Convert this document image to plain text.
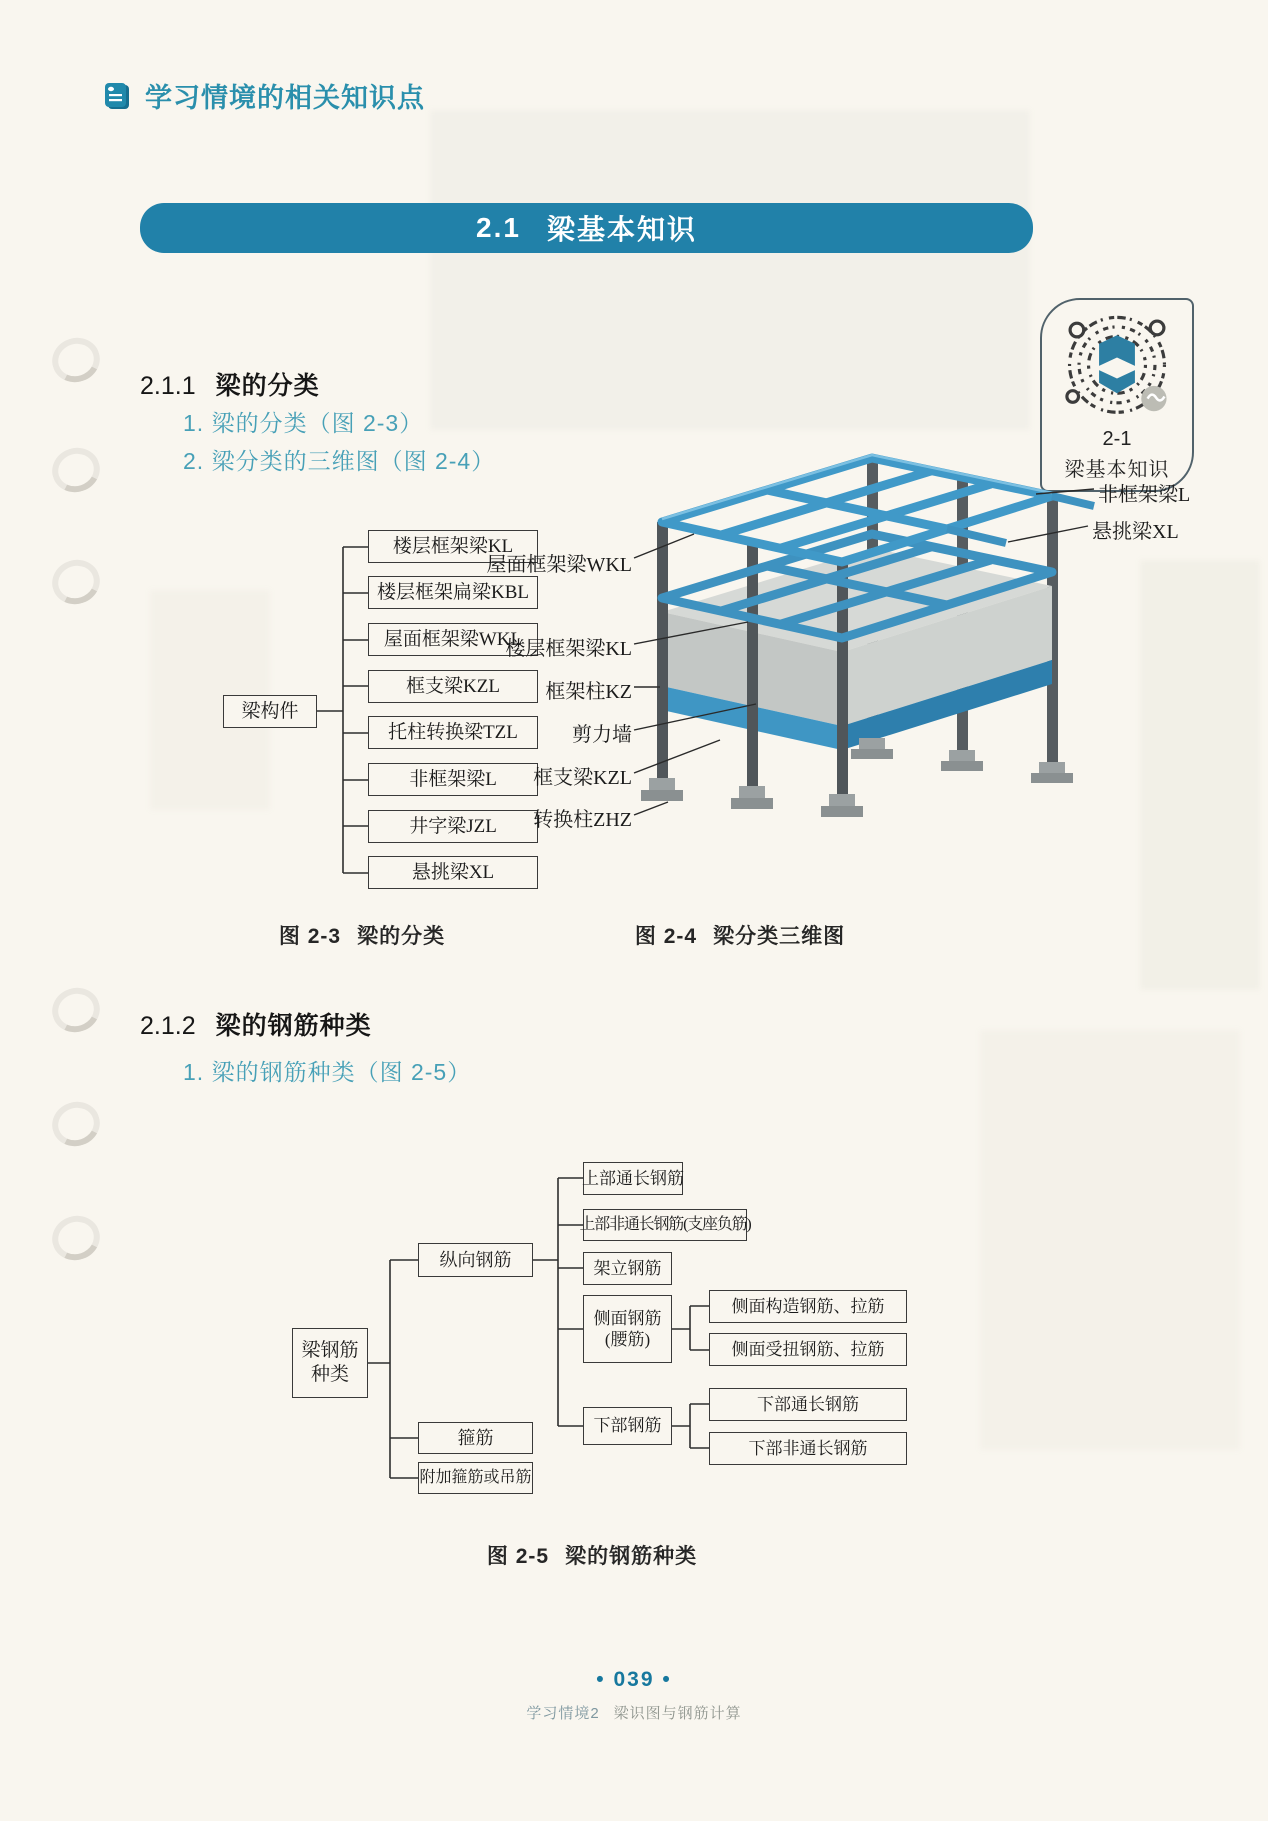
学习情境的相关知识点
2.1 梁基本知识
2-1
梁基本知识
2.1.1 梁的分类
1. 梁的分类（图 2-3）
2. 梁分类的三维图（图 2-4）
梁构件
楼层框架梁KL
楼层框架扁梁KBL
屋面框架梁WKL
框支梁KZL
托柱转换梁TZL
非框架梁L
井字梁JZL
悬挑梁XL
屋面框架梁WKL
楼层框架梁KL
框架柱KZ
剪力墙
框支梁KZL
转换柱ZHZ
非框架梁L
悬挑梁XL
图 2-3 梁的分类	图 2-4 梁分类三维图
2.1.2 梁的钢筋种类
1. 梁的钢筋种类（图 2-5）
梁钢筋
种类
纵向钢筋
箍筋
附加箍筋或吊筋
上部通长钢筋
上部非通长钢筋(支座负筋)
架立钢筋
侧面钢筋
(腰筋)
下部钢筋
侧面构造钢筋、拉筋
侧面受扭钢筋、拉筋
下部通长钢筋
下部非通长钢筋
图 2-5 梁的钢筋种类
• 039 •
学习情境2 梁识图与钢筋计算
